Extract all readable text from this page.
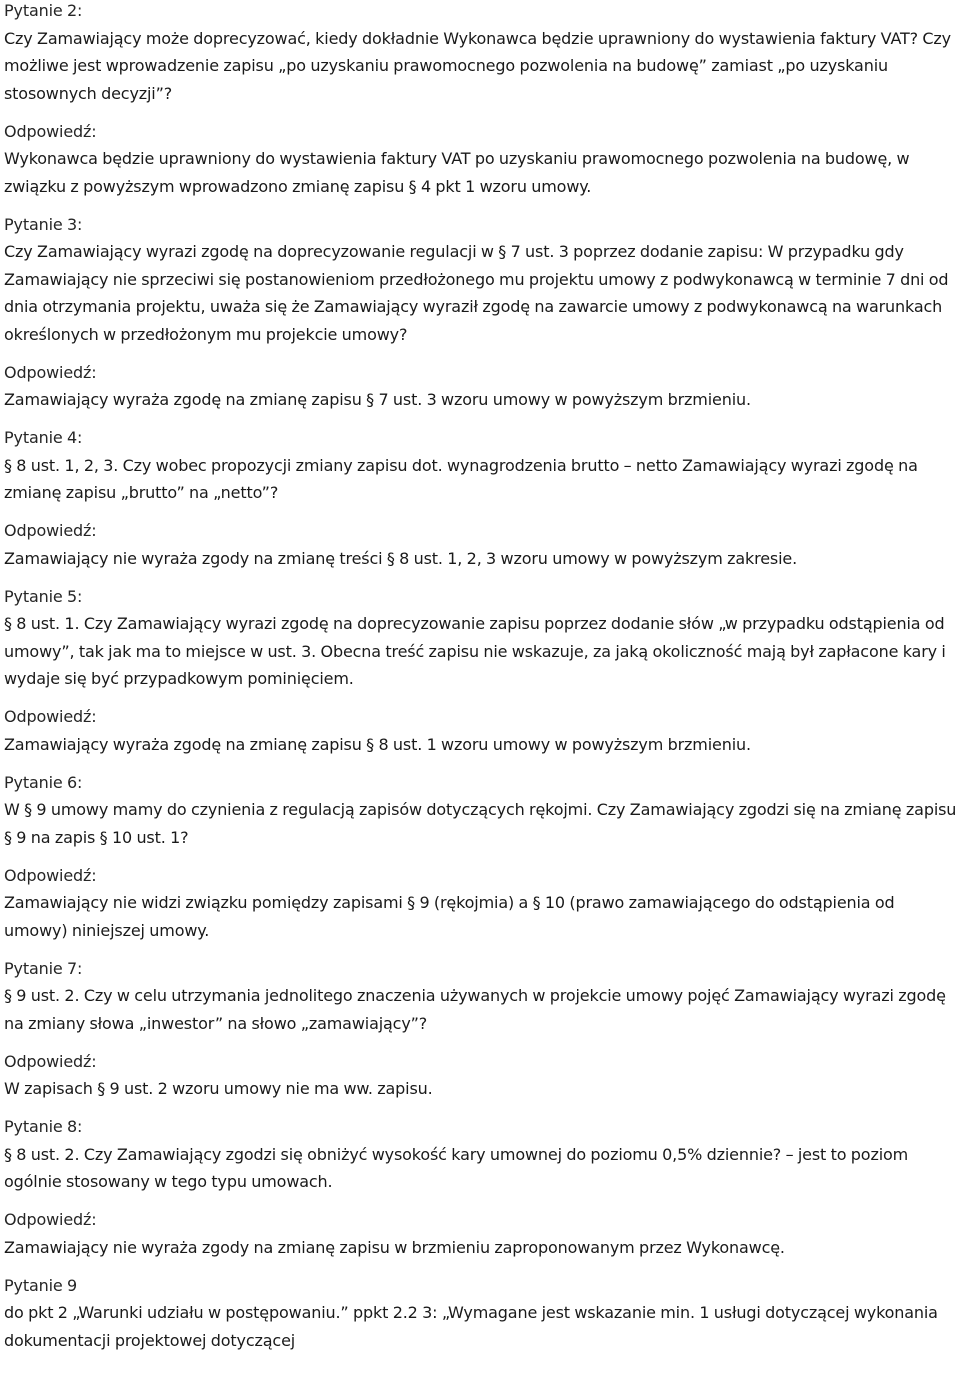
Pytanie 2:

Czy Zamawiający może doprecyzować, kiedy dokładnie Wykonawca będzie uprawniony do wystawienia faktury VAT? Czy możliwe jest wprowadzenie zapisu „po uzyskaniu prawomocnego pozwolenia na budowę” zamiast „po uzyskaniu stosownych decyzji”?

Odpowiedź:

Wykonawca będzie uprawniony do wystawienia faktury VAT po uzyskaniu prawomocnego pozwolenia na budowę, w związku z powyższym wprowadzono zmianę zapisu § 4 pkt 1 wzoru umowy.

Pytanie 3:

Czy Zamawiający wyrazi zgodę na doprecyzowanie regulacji w § 7 ust. 3 poprzez dodanie zapisu: W przypadku gdy Zamawiający nie sprzeciwi się postanowieniom przedłożonego mu projektu umowy z podwykonawcą w terminie 7 dni od dnia otrzymania projektu, uważa się że Zamawiający wyraził zgodę na zawarcie umowy z podwykonawcą na warunkach określonych w przedłożonym mu projekcie umowy?

Odpowiedź:

Zamawiający wyraża zgodę na zmianę zapisu § 7 ust. 3 wzoru umowy w powyższym brzmieniu.

Pytanie 4:

§ 8 ust. 1, 2, 3. Czy wobec propozycji zmiany zapisu dot. wynagrodzenia brutto – netto Zamawiający wyrazi zgodę na zmianę zapisu „brutto” na „netto”?

Odpowiedź:

Zamawiający nie wyraża zgody na zmianę treści § 8 ust. 1, 2, 3 wzoru umowy w powyższym zakresie.

Pytanie 5:

§ 8 ust. 1. Czy Zamawiający wyrazi zgodę na doprecyzowanie zapisu poprzez dodanie słów „w przypadku odstąpienia od umowy”, tak jak ma to miejsce w ust. 3. Obecna treść zapisu nie wskazuje, za jaką okoliczność mają był zapłacone kary i wydaje się być przypadkowym pominięciem.

Odpowiedź:

Zamawiający wyraża zgodę na zmianę zapisu § 8 ust. 1 wzoru umowy w powyższym brzmieniu.

Pytanie 6:

W § 9 umowy mamy do czynienia z regulacją zapisów dotyczących rękojmi. Czy Zamawiający zgodzi się na zmianę zapisu § 9 na zapis § 10 ust. 1?

Odpowiedź:

Zamawiający nie widzi związku pomiędzy zapisami § 9 (rękojmia) a § 10 (prawo zamawiającego do odstąpienia od umowy) niniejszej umowy.

Pytanie 7:

§ 9 ust. 2. Czy w celu utrzymania jednolitego znaczenia używanych w projekcie umowy pojęć Zamawiający wyrazi zgodę na zmiany słowa „inwestor” na słowo „zamawiający”?

Odpowiedź:

W zapisach § 9 ust. 2 wzoru umowy nie ma ww. zapisu.

Pytanie 8:

§ 8 ust. 2. Czy Zamawiający zgodzi się obniżyć wysokość kary umownej do poziomu 0,5% dziennie? – jest to poziom ogólnie stosowany w tego typu umowach.

Odpowiedź:

Zamawiający nie wyraża zgody na zmianę zapisu w brzmieniu zaproponowanym przez Wykonawcę.

Pytanie 9

do pkt 2 „Warunki udziału w postępowaniu.” ppkt 2.2 3: „Wymagane jest wskazanie min. 1 usługi dotyczącej wykonania dokumentacji projektowej dotyczącej
